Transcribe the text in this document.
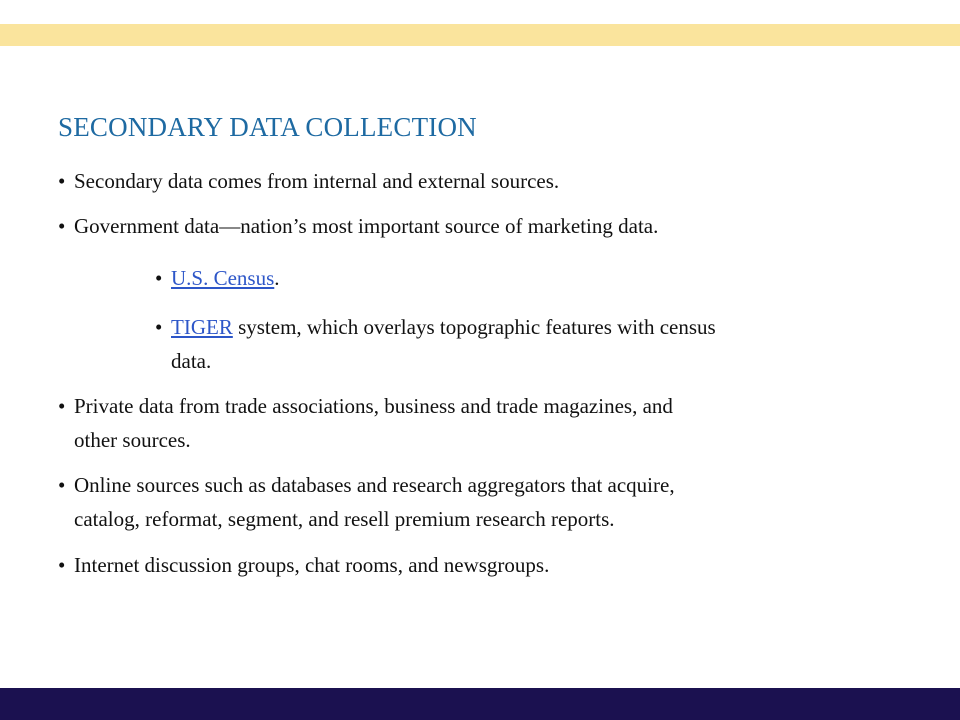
SECONDARY DATA COLLECTION

• Secondary data comes from internal and external sources.

• Government data—nation’s most important source of marketing data.

• U.S. Census.

• TIGER system, which overlays topographic features with census
data.

• Private data from trade associations, business and trade magazines, and
other sources.

• Online sources such as databases and research aggregators that acquire,
catalog, reformat, segment, and resell premium research reports.

• Internet discussion groups, chat rooms, and newsgroups.
